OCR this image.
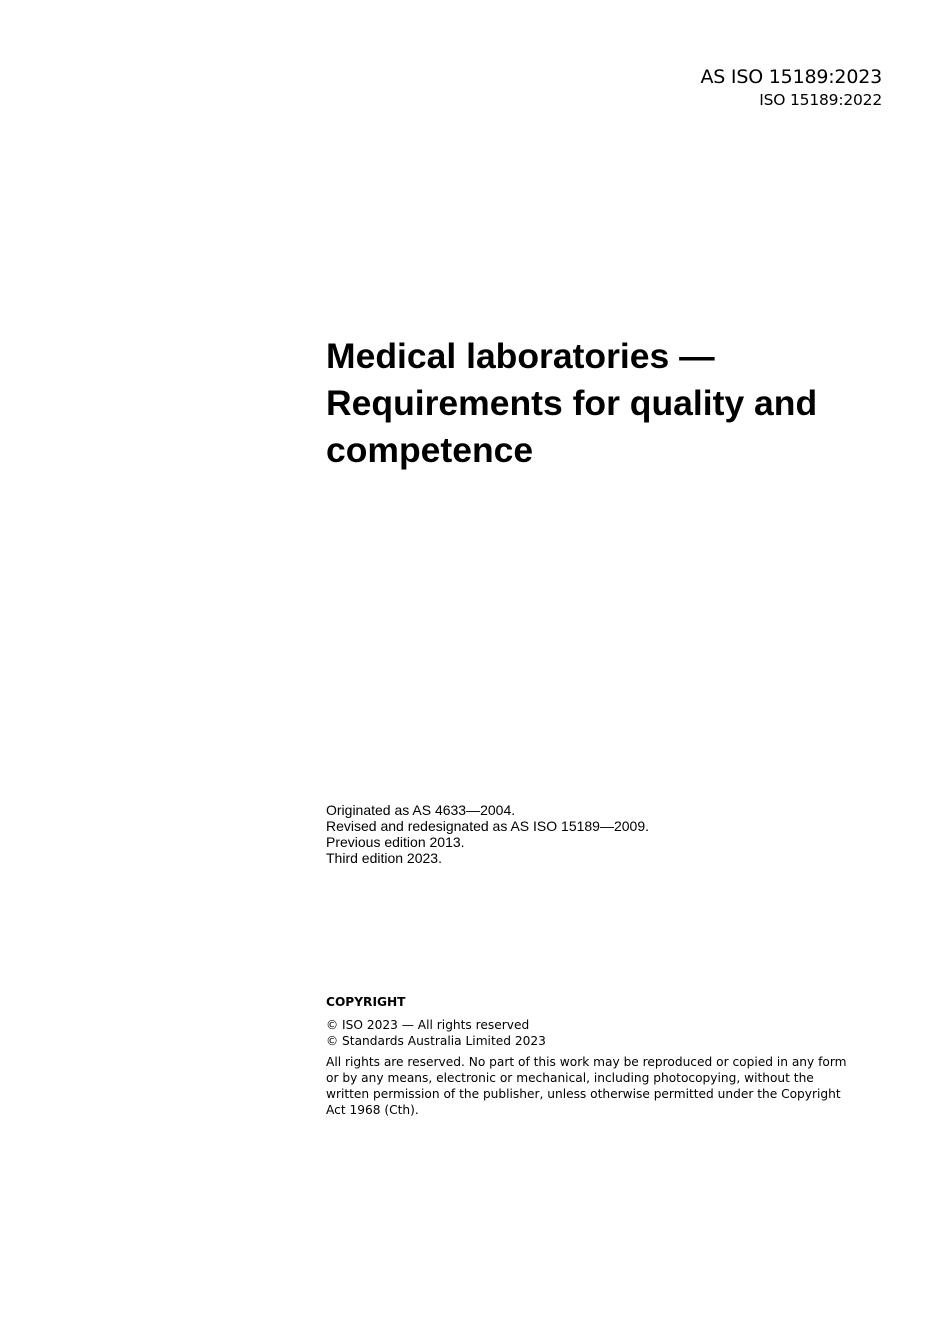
AS ISO 15189:2023
ISO 15189:2022
Medical laboratories —
Requirements for quality and
competence
Originated as AS 4633—2004.
Revised and redesignated as AS ISO 15189—2009.
Previous edition 2013.
Third edition 2023.
COPYRIGHT
© ISO 2023 — All rights reserved
© Standards Australia Limited 2023
All rights are reserved. No part of this work may be reproduced or copied in any form or by any means, electronic or mechanical, including photocopying, without the written permission of the publisher, unless otherwise permitted under the Copyright Act 1968 (Cth).
